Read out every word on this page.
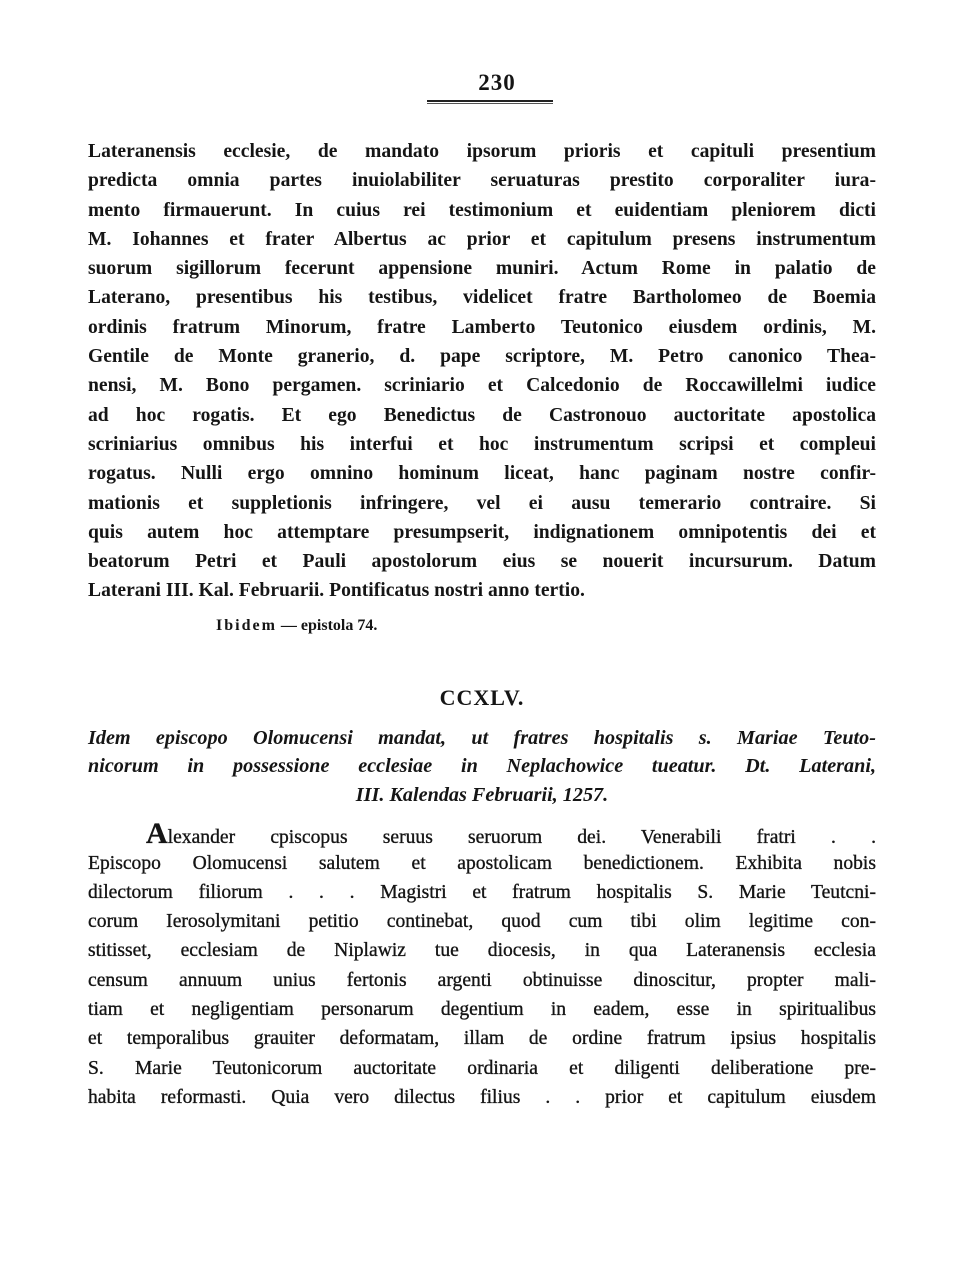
230
Lateranensis ecclesie, de mandato ipsorum prioris et capituli presentium
predicta omnia partes inuiolabiliter seruaturas prestito corporaliter iura-
mento firmauerunt. In cuius rei testimonium et euidentiam pleniorem dicti
M. Iohannes et frater Albertus ac prior et capitulum presens instrumentum
suorum sigillorum fecerunt appensione muniri. Actum Rome in palatio de
Laterano, presentibus his testibus, videlicet fratre Bartholomeo de Boemia
ordinis fratrum Minorum, fratre Lamberto Teutonico eiusdem ordinis, M.
Gentile de Monte granerio, d. pape scriptore, M. Petro canonico Thea-
nensi, M. Bono pergamen. scriniario et Calcedonio de Roccawillelmi iudice
ad hoc rogatis. Et ego Benedictus de Castronouo auctoritate apostolica
scriniarius omnibus his interfui et hoc instrumentum scripsi et compleui
rogatus. Nulli ergo omnino hominum liceat, hanc paginam nostre confir-
mationis et suppletionis infringere, vel ei ausu temerario contraire. Si
quis autem hoc attemptare presumpserit, indignationem omnipotentis dei et
beatorum Petri et Pauli apostolorum eius se nouerit incursurum. Datum
Laterani III. Kal. Februarii. Pontificatus nostri anno tertio.
Ibidem — epistola 74.
CCXLV.
Idem episcopo Olomucensi mandat, ut fratres hospitalis s. Mariae Teuto-
nicorum in possessione ecclesiae in Neplachowice tueatur. Dt. Laterani,
III. Kalendas Februarii, 1257.
Alexander cpiscopus seruus seruorum dei. Venerabili fratri . .
Episcopo Olomucensi salutem et apostolicam benedictionem. Exhibita nobis
dilectorum filiorum . . . Magistri et fratrum hospitalis S. Marie Teutcni-
corum Ierosolymitani petitio continebat, quod cum tibi olim legitime con-
stitisset, ecclesiam de Niplawiz tue diocesis, in qua Lateranensis ecclesia
censum annuum unius fertonis argenti obtinuisse dinoscitur, propter mali-
tiam et negligentiam personarum degentium in eadem, esse in spiritualibus
et temporalibus grauiter deformatam, illam de ordine fratrum ipsius hospitalis
S. Marie Teutonicorum auctoritate ordinaria et diligenti deliberatione pre-
habita reformasti. Quia vero dilectus filius . . prior et capitulum eiusdem
